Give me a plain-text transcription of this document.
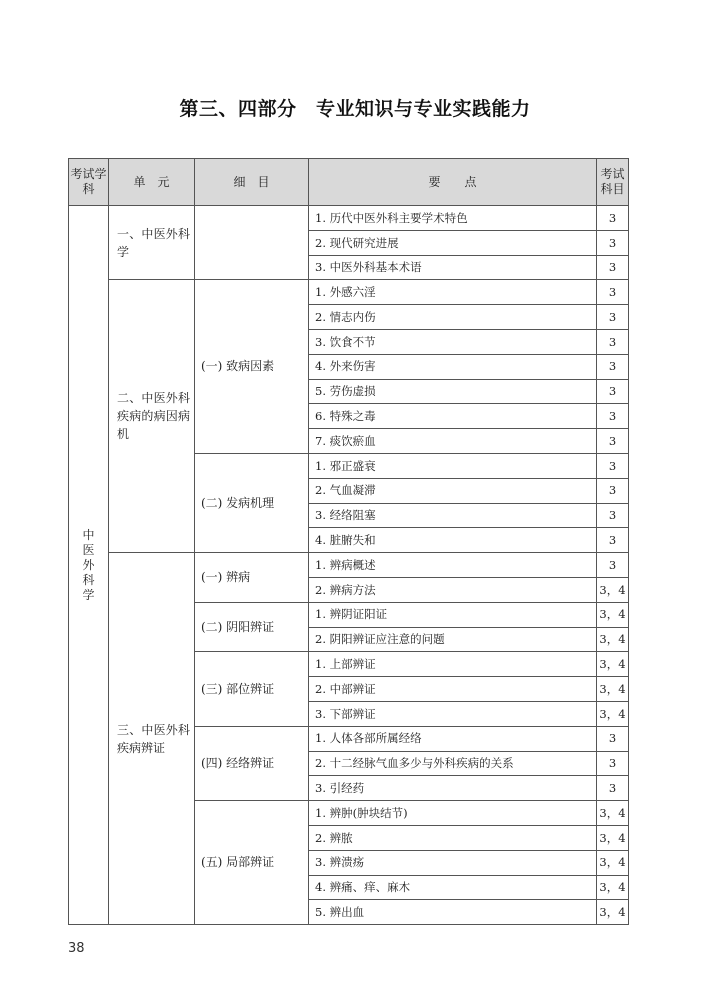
第三、四部分　专业知识与专业实践能力
考试学科	单　元	细　目	要　　点	考试科目
中医外科学	一、中医外科学		1. 历代中医外科主要学术特色	3
			2. 现代研究进展	3
			3. 中医外科基本术语	3
	二、中医外科疾病的病因病机	(一) 致病因素	1. 外感六淫	3
			2. 情志内伤	3
			3. 饮食不节	3
			4. 外来伤害	3
			5. 劳伤虚损	3
			6. 特殊之毒	3
			7. 痰饮瘀血	3
		(二) 发病机理	1. 邪正盛衰	3
			2. 气血凝滞	3
			3. 经络阻塞	3
			4. 脏腑失和	3
	三、中医外科疾病辨证	(一) 辨病	1. 辨病概述	3
			2. 辨病方法	3，4
		(二) 阴阳辨证	1. 辨阴证阳证	3，4
			2. 阴阳辨证应注意的问题	3，4
		(三) 部位辨证	1. 上部辨证	3，4
			2. 中部辨证	3，4
			3. 下部辨证	3，4
		(四) 经络辨证	1. 人体各部所属经络	3
			2. 十二经脉气血多少与外科疾病的关系	3
			3. 引经药	3
		(五) 局部辨证	1. 辨肿(肿块结节)	3，4
			2. 辨脓	3，4
			3. 辨溃疡	3，4
			4. 辨痛、痒、麻木	3，4
			5. 辨出血	3，4
38
